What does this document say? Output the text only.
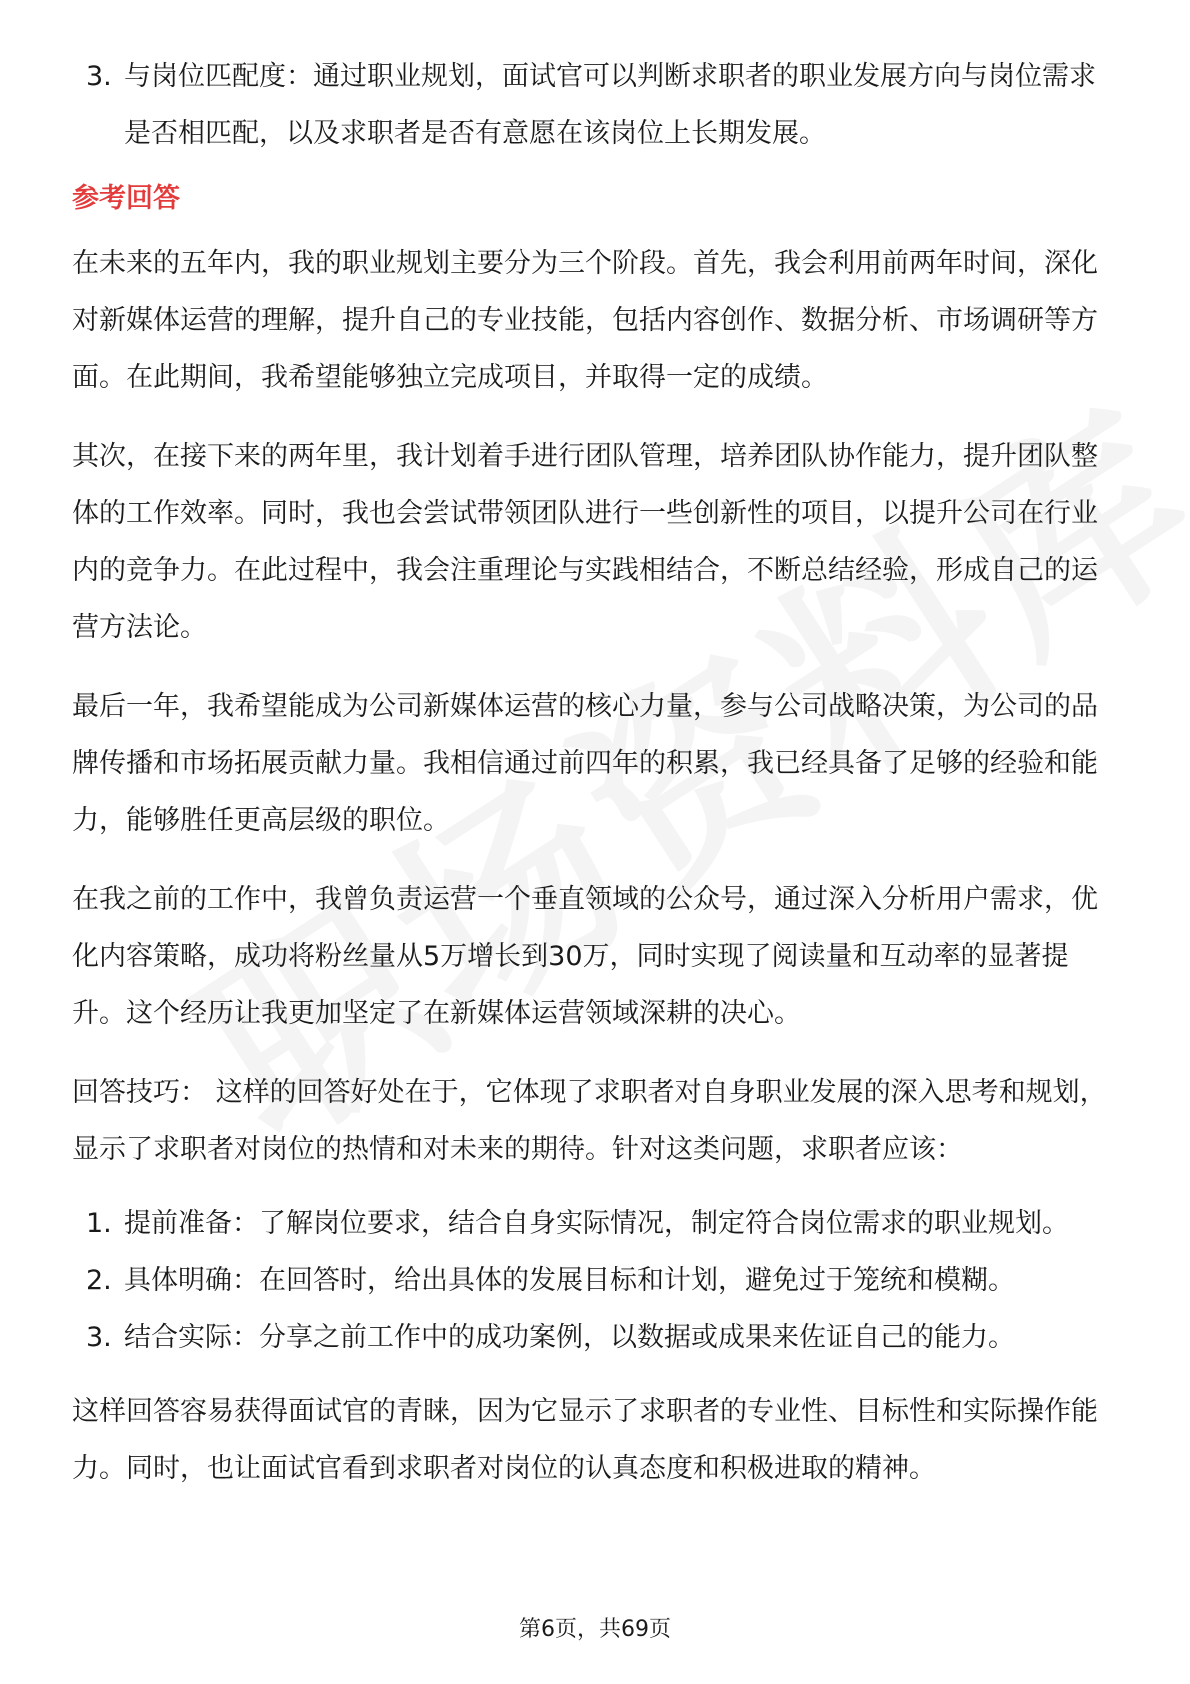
3. 与岗位匹配度：通过职业规划，面试官可以判断求职者的职业发展方向与岗位需求是否相匹配，以及求职者是否有意愿在该岗位上长期发展。

参考回答

在未来的五年内，我的职业规划主要分为三个阶段。首先，我会利用前两年时间，深化对新媒体运营的理解，提升自己的专业技能，包括内容创作、数据分析、市场调研等方面。在此期间，我希望能够独立完成项目，并取得一定的成绩。

其次，在接下来的两年里，我计划着手进行团队管理，培养团队协作能力，提升团队整体的工作效率。同时，我也会尝试带领团队进行一些创新性的项目，以提升公司在行业内的竞争力。在此过程中，我会注重理论与实践相结合，不断总结经验，形成自己的运营方法论。

最后一年，我希望能成为公司新媒体运营的核心力量，参与公司战略决策，为公司的品牌传播和市场拓展贡献力量。我相信通过前四年的积累，我已经具备了足够的经验和能力，能够胜任更高层级的职位。

在我之前的工作中，我曾负责运营一个垂直领域的公众号，通过深入分析用户需求，优化内容策略，成功将粉丝量从5万增长到30万，同时实现了阅读量和互动率的显著提升。这个经历让我更加坚定了在新媒体运营领域深耕的决心。

回答技巧： 这样的回答好处在于，它体现了求职者对自身职业发展的深入思考和规划，显示了求职者对岗位的热情和对未来的期待。针对这类问题，求职者应该：

1. 提前准备：了解岗位要求，结合自身实际情况，制定符合岗位需求的职业规划。
2. 具体明确：在回答时，给出具体的发展目标和计划，避免过于笼统和模糊。
3. 结合实际：分享之前工作中的成功案例，以数据或成果来佐证自己的能力。

这样回答容易获得面试官的青睐，因为它显示了求职者的专业性、目标性和实际操作能力。同时，也让面试官看到求职者对岗位的认真态度和积极进取的精神。

第6页，共69页
